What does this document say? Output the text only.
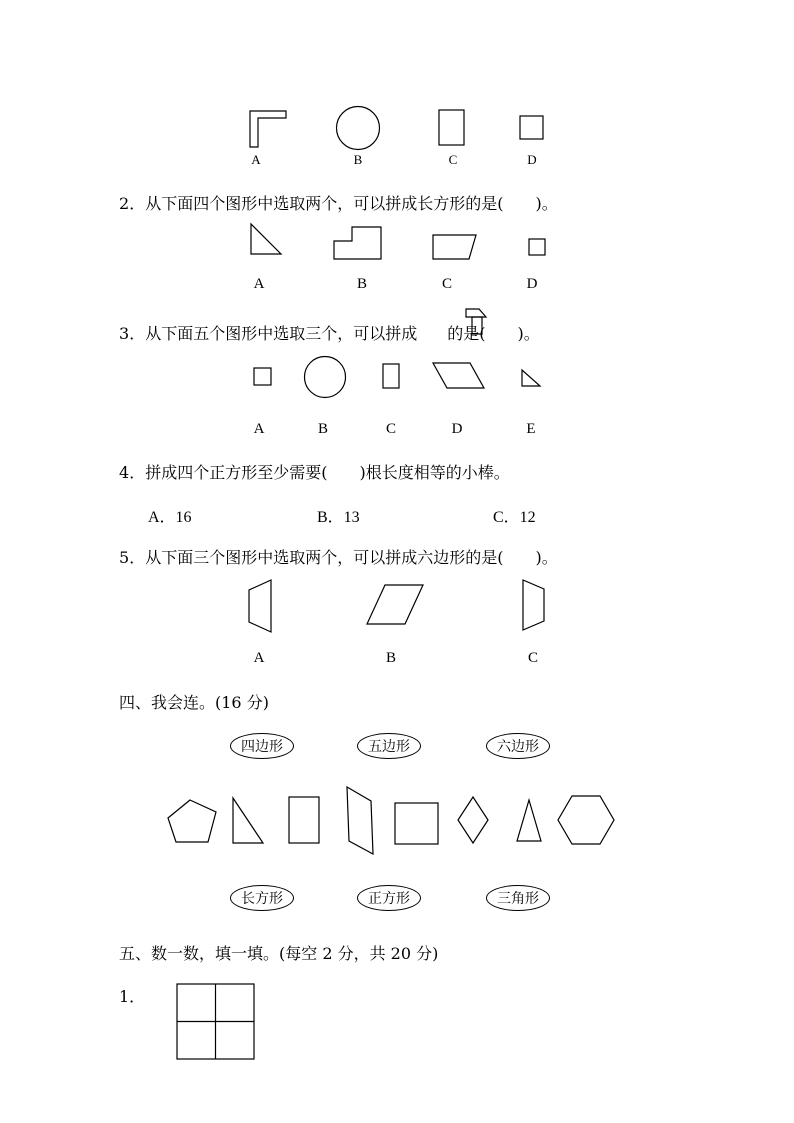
A	B	C	D
2．从下面四个图形中选取两个，可以拼成长方形的是( )。
A	B	C	D
3．从下面五个图形中选取三个，可以拼成 的是( )。
A	B	C	D	E
4．拼成四个正方形至少需要( )根长度相等的小棒。
A．16	B．13	C．12
5．从下面三个图形中选取两个，可以拼成六边形的是( )。
A	B	C
四、我会连。(16 分)
四边形	五边形	六边形
长方形	正方形	三角形
五、数一数，填一填。(每空 2 分，共 20 分)
1．
